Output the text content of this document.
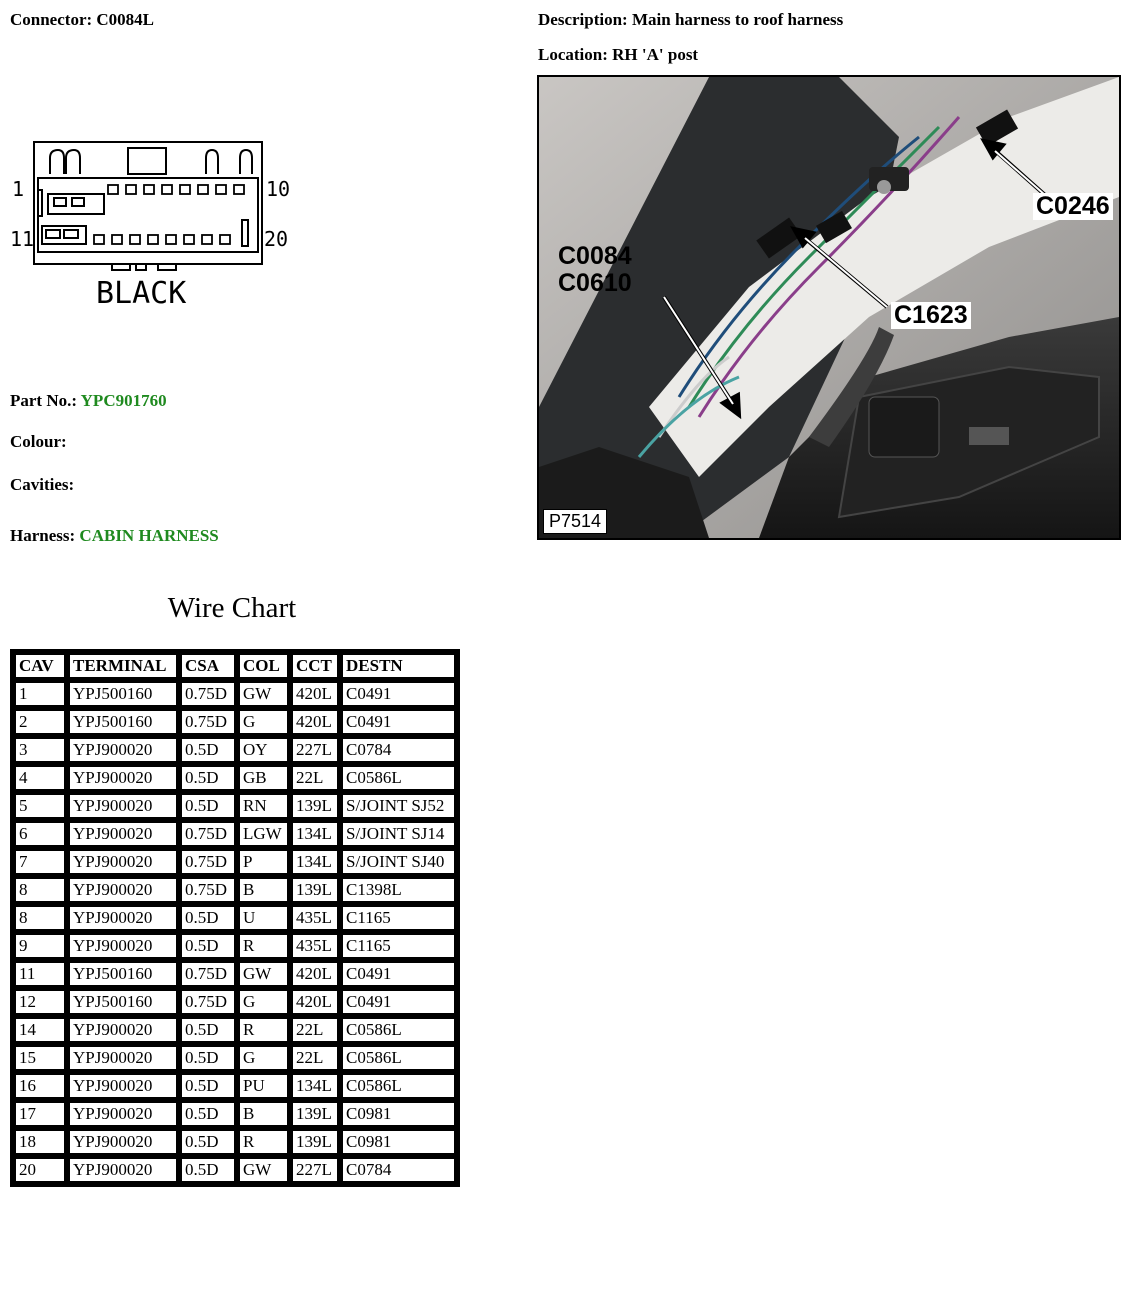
Connector: C0084L	Description: Main harness to roof harness
Location: RH 'A' post
1	10
11	20
BLACK
Part No.: YPC901760
Colour:
Cavities:
Harness: CABIN HARNESS
C0246
C0084
C0610
C1623
P7514
Wire Chart
CAV	TERMINAL	CSA	COL	CCT	DESTN
1	YPJ500160	0.75D	GW	420L	C0491
2	YPJ500160	0.75D	G	420L	C0491
3	YPJ900020	0.5D	OY	227L	C0784
4	YPJ900020	0.5D	GB	22L	C0586L
5	YPJ900020	0.5D	RN	139L	S/JOINT SJ52
6	YPJ900020	0.75D	LGW	134L	S/JOINT SJ14
7	YPJ900020	0.75D	P	134L	S/JOINT SJ40
8	YPJ900020	0.75D	B	139L	C1398L
8	YPJ900020	0.5D	U	435L	C1165
9	YPJ900020	0.5D	R	435L	C1165
11	YPJ500160	0.75D	GW	420L	C0491
12	YPJ500160	0.75D	G	420L	C0491
14	YPJ900020	0.5D	R	22L	C0586L
15	YPJ900020	0.5D	G	22L	C0586L
16	YPJ900020	0.5D	PU	134L	C0586L
17	YPJ900020	0.5D	B	139L	C0981
18	YPJ900020	0.5D	R	139L	C0981
20	YPJ900020	0.5D	GW	227L	C0784
